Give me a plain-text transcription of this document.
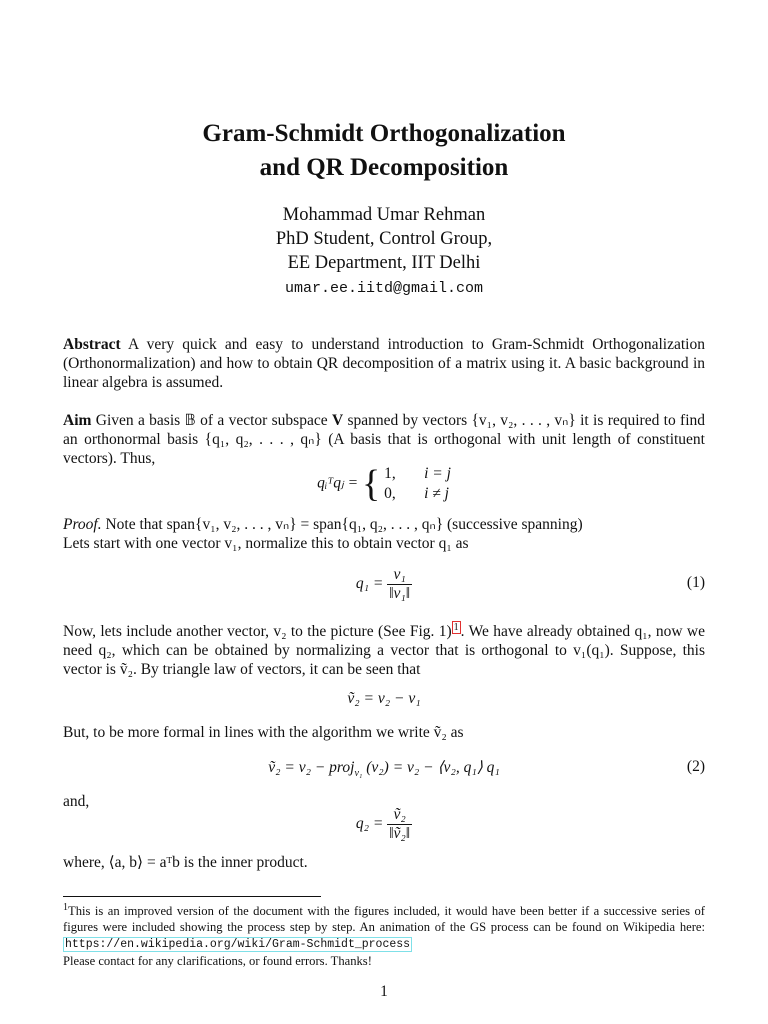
Gram-Schmidt Orthogonalization
and QR Decomposition
Mohammad Umar Rehman
PhD Student, Control Group,
EE Department, IIT Delhi
umar.ee.iitd@gmail.com
Abstract A very quick and easy to understand introduction to Gram-Schmidt Orthogonalization (Orthonormalization) and how to obtain QR decomposition of a matrix using it. A basic background in linear algebra is assumed.
Aim Given a basis 𝔹 of a vector subspace V spanned by vectors {v₁, v₂, . . . , vₙ} it is required to find an orthonormal basis {q₁, q₂, . . . , qₙ} (A basis that is orthogonal with unit length of constituent vectors). Thus,
qᵢᵀqⱼ = { 1, i = j
0, i ≠ j
Proof. Note that span{v₁, v₂, . . . , vₙ} = span{q₁, q₂, . . . , qₙ} (successive spanning)
Lets start with one vector v₁, normalize this to obtain vector q₁ as
$q_1 = \frac{\text{v₁}}{\text{‖v₁‖}}$	(1)
Now, lets include another vector, v₂ to the picture (See Fig. 1) $^1$ . We have already obtained q₁, now we need q₂, which can be obtained by normalizing a vector that is orthogonal to v₁(q₁). Suppose, this vector is ṽ₂. By triangle law of vectors, it can be seen that
ṽ₂ = v₂ − v₁
But, to be more formal in lines with the algorithm we write ṽ₂ as
ṽ₂ = v₂ − proj$_{v_1}$ (v₂) = v₂ − ⟨v₂, q₁⟩ q₁	(2)
and,
$q_2 = \frac{\text{ṽ₂}}{\text{‖ṽ₂‖}}$
where, ⟨a, b⟩ = aᵀb is the inner product.
$^1$This is an improved version of the document with the figures included, it would have been better if a successive series of figures were included showing the process step by step. An animation of the GS process can be found on Wikipedia here: https://en.wikipedia.org/wiki/Gram-Schmidt_process
Please contact for any clarifications, or found errors. Thanks!
1
